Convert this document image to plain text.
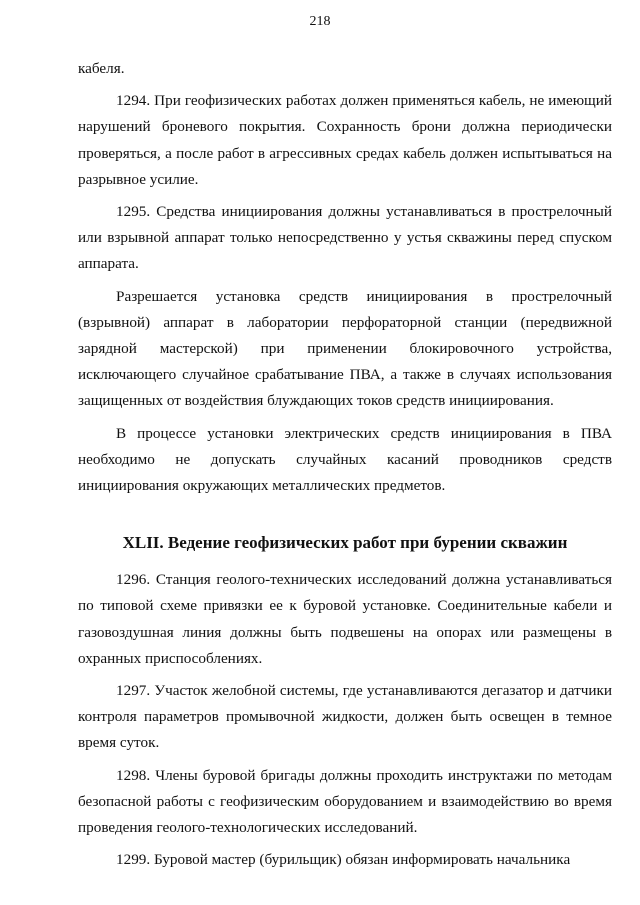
218

кабеля.

1294. При геофизических работах должен применяться кабель, не имеющий нарушений броневого покрытия. Сохранность брони должна периодически проверяться, а после работ в агрессивных средах кабель должен испытываться на разрывное усилие.

1295. Средства инициирования должны устанавливаться в прострелочный или взрывной аппарат только непосредственно у устья скважины перед спуском аппарата.

Разрешается установка средств инициирования в прострелочный (взрывной) аппарат в лаборатории перфораторной станции (передвижной зарядной мастерской) при применении блокировочного устройства, исключающего случайное срабатывание ПВА, а также в случаях использования защищенных от воздействия блуждающих токов средств инициирования.

В процессе установки электрических средств инициирования в ПВА необходимо не допускать случайных касаний проводников средств инициирования окружающих металлических предметов.

XLII. Ведение геофизических работ при бурении скважин

1296. Станция геолого-технических исследований должна устанавливаться по типовой схеме привязки ее к буровой установке. Соединительные кабели и газовоздушная линия должны быть подвешены на опорах или размещены в охранных приспособлениях.

1297. Участок желобной системы, где устанавливаются дегазатор и датчики контроля параметров промывочной жидкости, должен быть освещен в темное время суток.

1298. Члены буровой бригады должны проходить инструктажи по методам безопасной работы с геофизическим оборудованием и взаимодействию во время проведения геолого-технологических исследований.

1299. Буровой мастер (бурильщик) обязан информировать начальника
